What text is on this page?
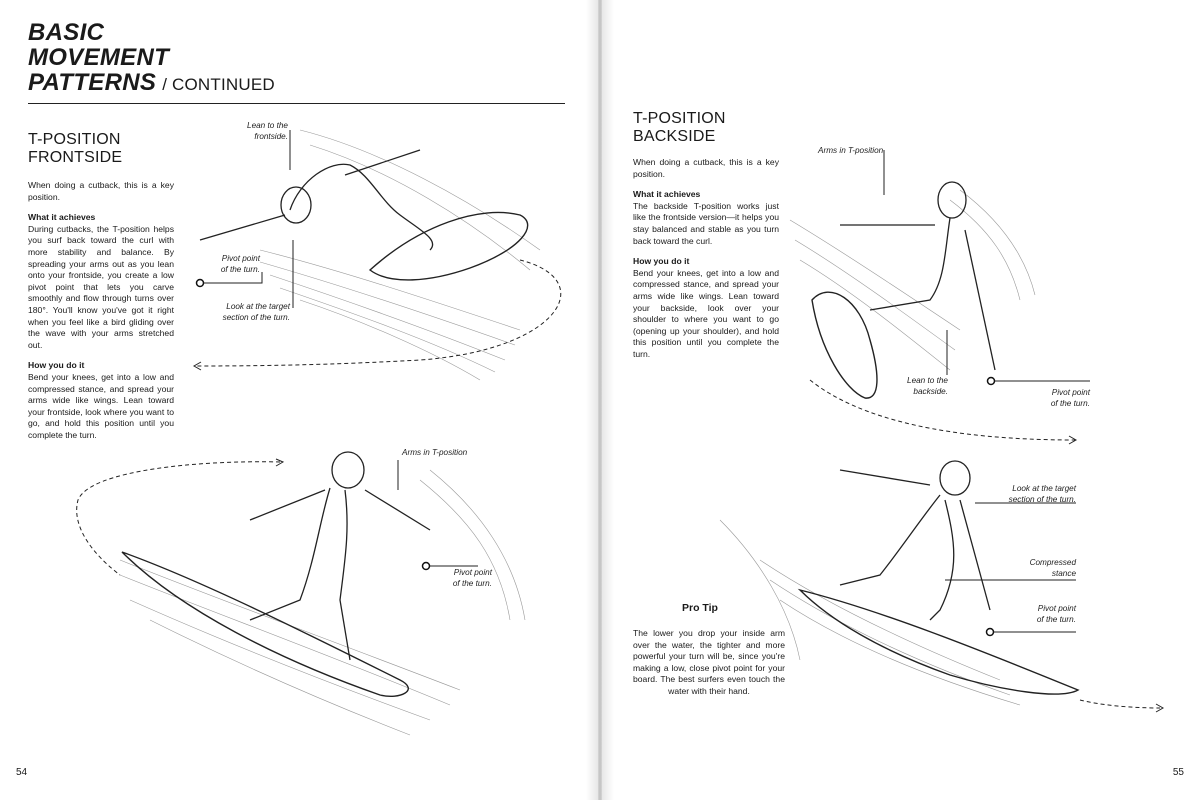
BASIC
MOVEMENT
PATTERNS / CONTINUED
T-POSITION
FRONTSIDE

When doing a cutback, this is a key position.

What it achieves
During cutbacks, the T-position helps you surf back toward the curl with more stability and balance. By spreading your arms out as you lean onto your frontside, you create a low pivot point that lets you carve smoothly and flow through turns over 180°. You'll know you've got it right when you feel like a bird gliding over the wave with your arms stretched out.

How you do it
Bend your knees, get into a low and compressed stance, and spread your arms wide like wings. Lean toward your frontside, look where you want to go, and hold this position until you complete the turn.

Lean to the
frontside.
Pivot point
of the turn.
Look at the target
section of the turn.
Arms in T-position
Pivot point
of the turn.
54
T-POSITION
BACKSIDE

When doing a cutback, this is a key position.

What it achieves
The backside T-position works just like the frontside version—it helps you stay balanced and stable as you turn back toward the curl.

How you do it
Bend your knees, get into a low and compressed stance, and spread your arms wide like wings. Lean toward your backside, look over your shoulder to where you want to go (opening up your shoulder), and hold this position until you complete the turn.

55
Arms in T-position
Lean to the
backside.	Pivot point
of the turn.
Look at the target
section of the turn.
Compressed
stance
Pivot point
of the turn.
Pro Tip
The lower you drop your inside arm over the water, the tighter and more powerful your turn will be, since you're making a low, close pivot point for your board. The best surfers even touch the water with their hand.
